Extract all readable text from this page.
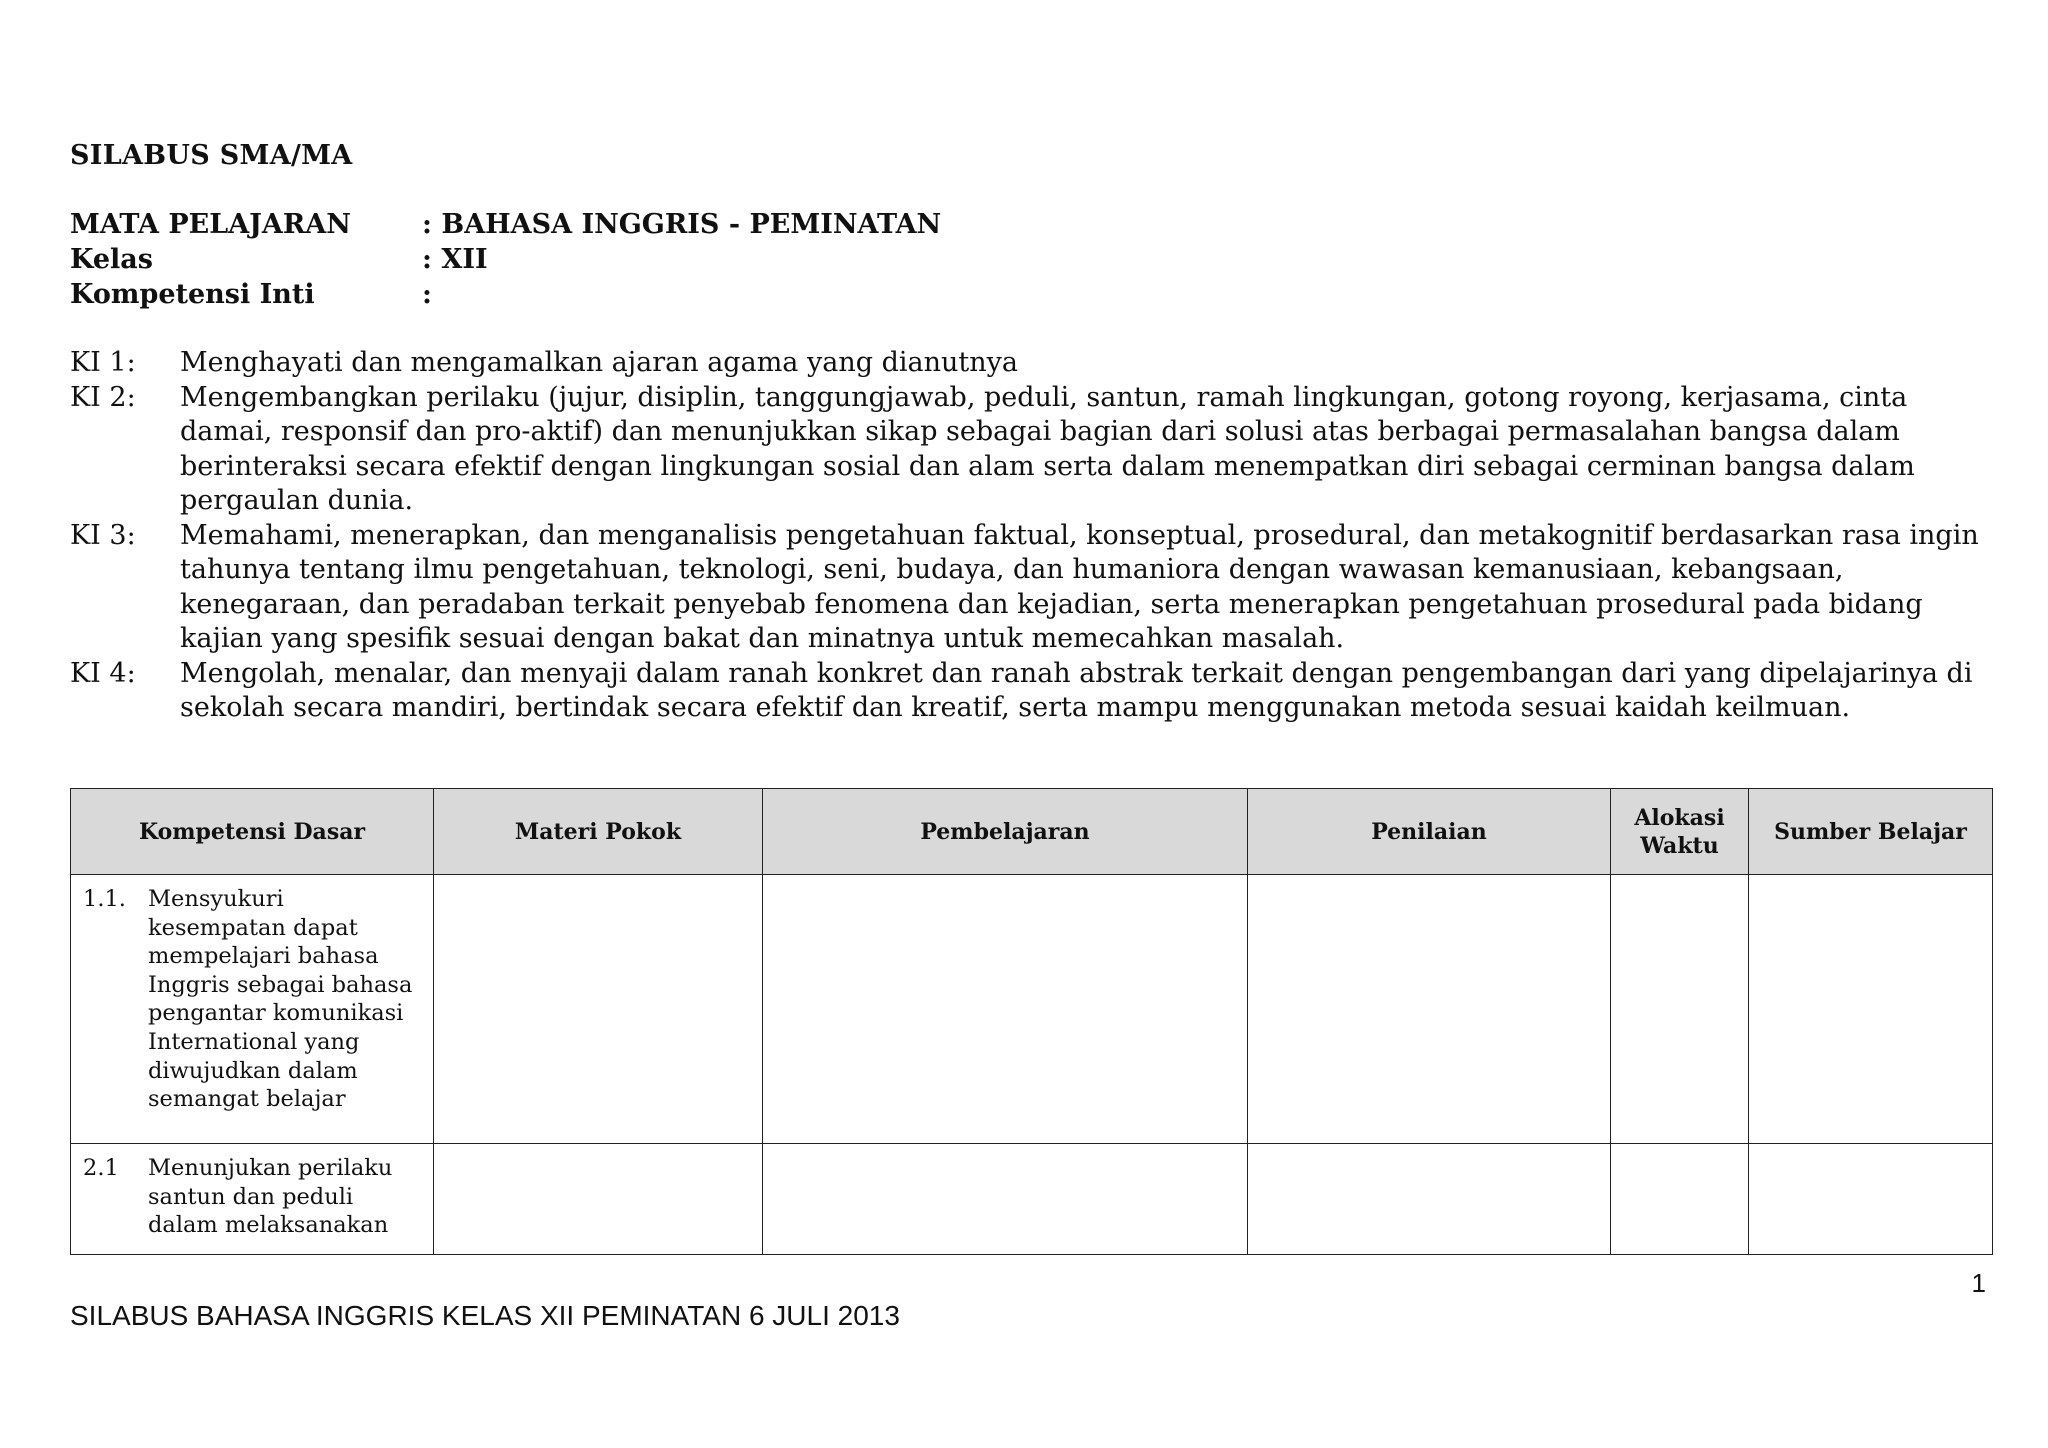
SILABUS SMA/MA
MATA PELAJARAN	: BAHASA INGGRIS - PEMINATAN
Kelas	: XII
Kompetensi Inti	:
KI 1:	Menghayati dan mengamalkan ajaran agama yang dianutnya
KI 2:	Mengembangkan perilaku (jujur, disiplin, tanggungjawab, peduli, santun, ramah lingkungan, gotong royong, kerjasama, cinta damai, responsif dan pro-aktif) dan menunjukkan sikap sebagai bagian dari solusi atas berbagai permasalahan bangsa dalam berinteraksi secara efektif dengan lingkungan sosial dan alam serta dalam menempatkan diri sebagai cerminan bangsa dalam pergaulan dunia.
KI 3:	Memahami, menerapkan, dan menganalisis pengetahuan faktual, konseptual, prosedural, dan metakognitif berdasarkan rasa ingin tahunya tentang ilmu pengetahuan, teknologi, seni, budaya, dan humaniora dengan wawasan kemanusiaan, kebangsaan, kenegaraan, dan peradaban terkait penyebab fenomena dan kejadian, serta menerapkan pengetahuan prosedural pada bidang kajian yang spesifik sesuai dengan bakat dan minatnya untuk memecahkan masalah.
KI 4:	Mengolah, menalar, dan menyaji dalam ranah konkret dan ranah abstrak terkait dengan pengembangan dari yang dipelajarinya di sekolah secara mandiri, bertindak secara efektif dan kreatif, serta mampu menggunakan metoda sesuai kaidah keilmuan.
Kompetensi Dasar	Materi Pokok	Pembelajaran	Penilaian	Alokasi Waktu	Sumber Belajar

1.1. Mensyukuri kesempatan dapat mempelajari bahasa Inggris sebagai bahasa pengantar komunikasi International yang diwujudkan dalam semangat belajar					

2.1 Menunjukan perilaku santun dan peduli dalam melaksanakan					

1
SILABUS BAHASA INGGRIS KELAS XII PEMINATAN 6 JULI 2013
